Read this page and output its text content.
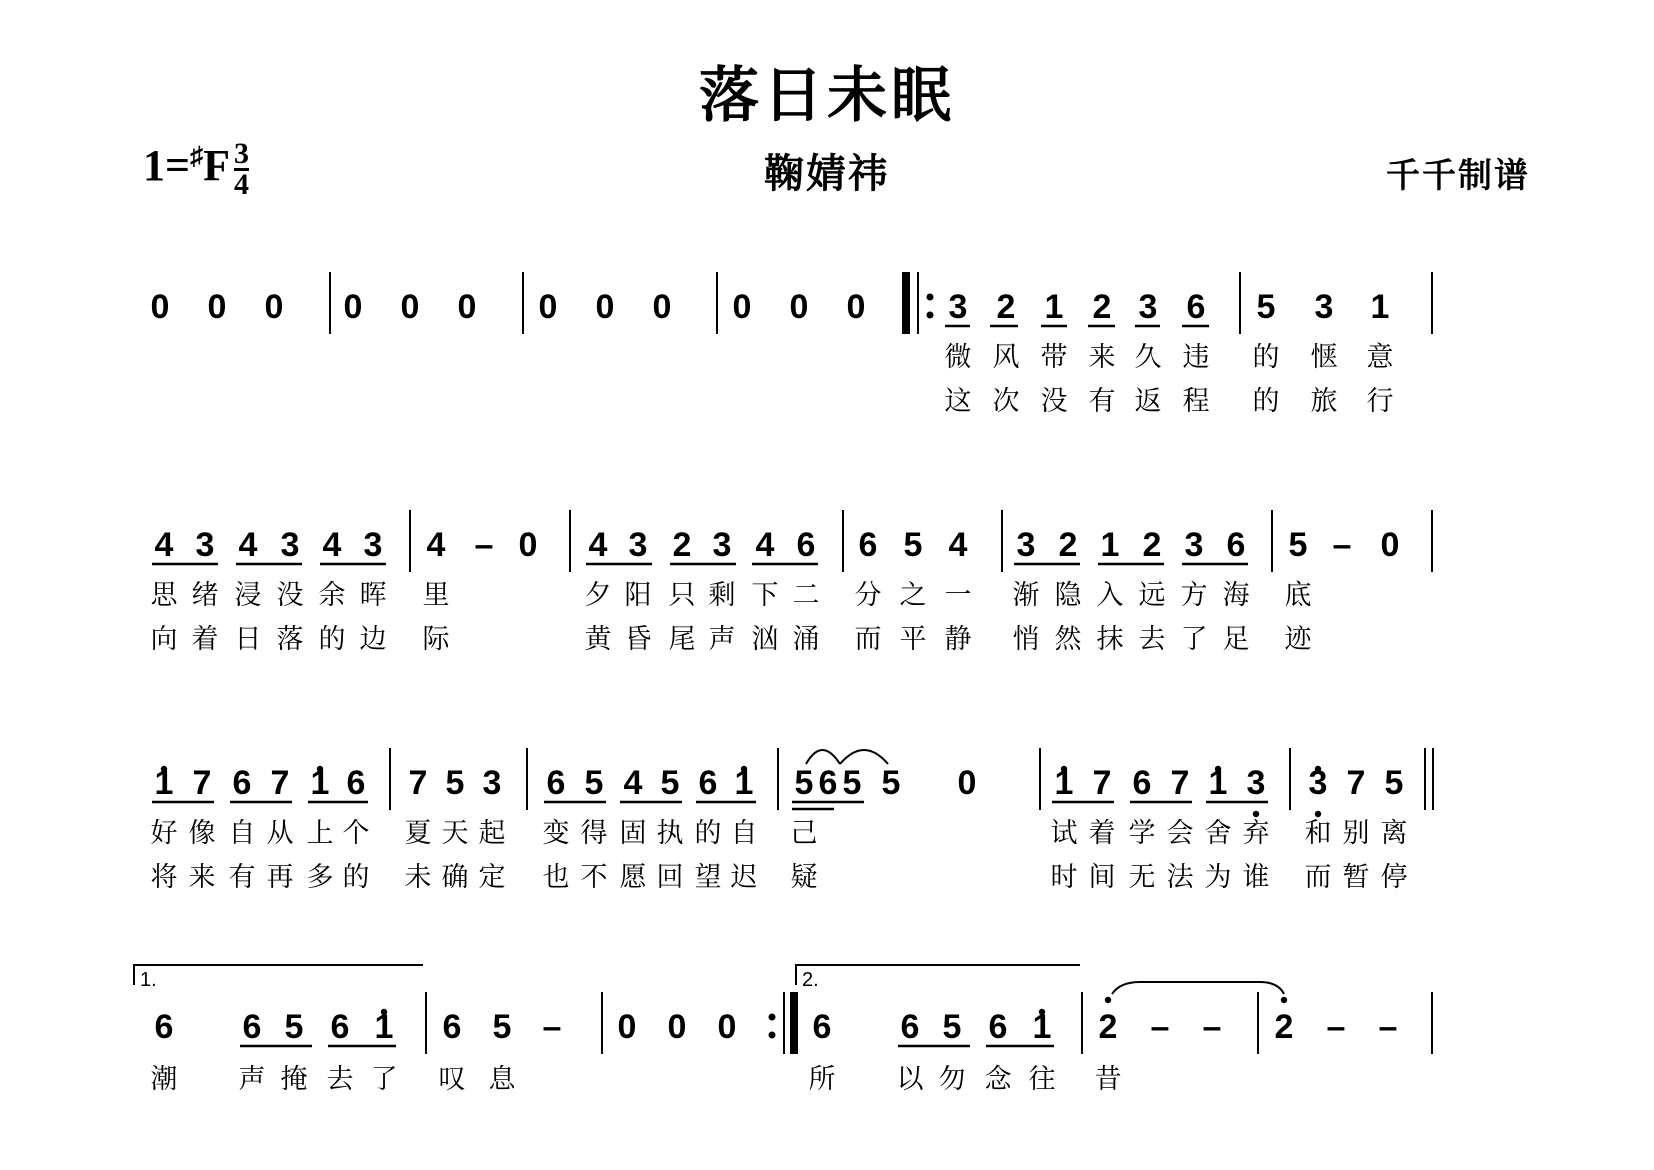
落日未眠
鞠婧祎	千千制谱
$1=^♯F \frac{3}{4}$
1.	2.
0 0 0 0 0 0 0 0 0 0 0 0 3 2 1 2 3 6 5 3 1
4 3 4 3 4 3 4 – 0 4 3 2 3 4 6 6 5 4 3 2 1 2 3 6 5 – 0
1 7 6 7 1 6 7 5 3 6 5 4 5 6 1 5 6 5 5 0 1 7 6 7 1 3 3 7 5
6 6 5 6 1 6 5 – 0 0 0 6 6 5 6 1 2 – – 2 – –
微 风 带 来 久 违 的 惬 意
这 次 没 有 返 程 的 旅 行
思 绪 浸 没 余 晖 里	夕 阳 只 剩 下 二 分 之 一 渐 隐 入 远 方 海 底
向 着 日 落 的 边 际	黄 昏 尾 声 汹 涌 而 平 静 悄 然 抹 去 了 足 迹
好 像 自 从 上 个 夏 天 起 变 得 固 执 的 自 己	试 着 学 会 舍 弃 和 别 离
将 来 有 再 多 的 未 确 定 也 不 愿 回 望 迟 疑	时 间 无 法 为 谁 而 暂 停
潮 声 掩 去 了 叹 息	所 以 勿 念 往 昔
